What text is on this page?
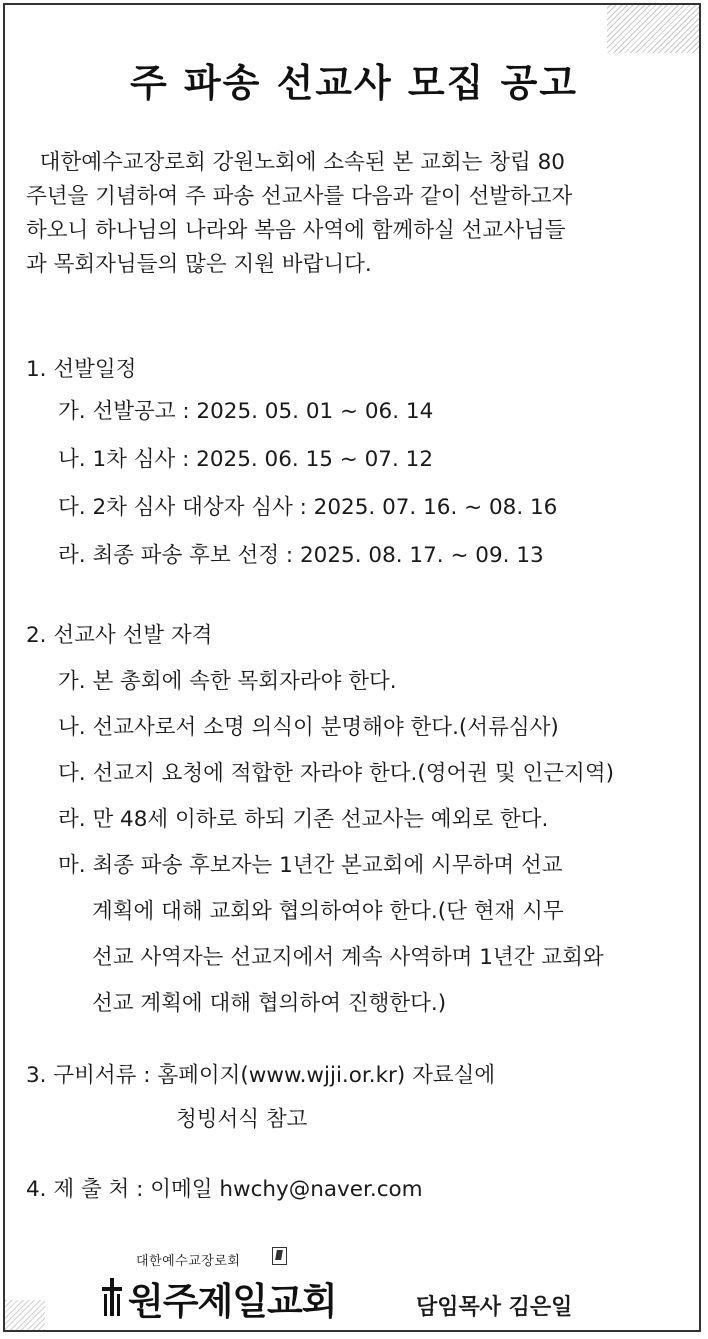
주 파송 선교사 모집 공고
대한예수교장로회 강원노회에 소속된 본 교회는 창립 80
주년을 기념하여 주 파송 선교사를 다음과 같이 선발하고자
하오니 하나님의 나라와 복음 사역에 함께하실 선교사님들
과 목회자님들의 많은 지원 바랍니다.
1. 선발일정
가. 선발공고 : 2025. 05. 01 ~ 06. 14
나. 1차 심사 : 2025. 06. 15 ~ 07. 12
다. 2차 심사 대상자 심사 : 2025. 07. 16. ~ 08. 16
라. 최종 파송 후보 선정 : 2025. 08. 17. ~ 09. 13
2. 선교사 선발 자격
가. 본 총회에 속한 목회자라야 한다.
나. 선교사로서 소명 의식이 분명해야 한다.(서류심사)
다. 선교지 요청에 적합한 자라야 한다.(영어권 및 인근지역)
라. 만 48세 이하로 하되 기존 선교사는 예외로 한다.
마. 최종 파송 후보자는 1년간 본교회에 시무하며 선교
계획에 대해 교회와 협의하여야 한다.(단 현재 시무
선교 사역자는 선교지에서 계속 사역하며 1년간 교회와
선교 계획에 대해 협의하여 진행한다.)
3. 구비서류 : 홈페이지(www.wjji.or.kr) 자료실에
청빙서식 참고
4. 제 출 처 : 이메일 hwchy@naver.com
대한예수교장로회
원주제일교회	담임목사 김은일
